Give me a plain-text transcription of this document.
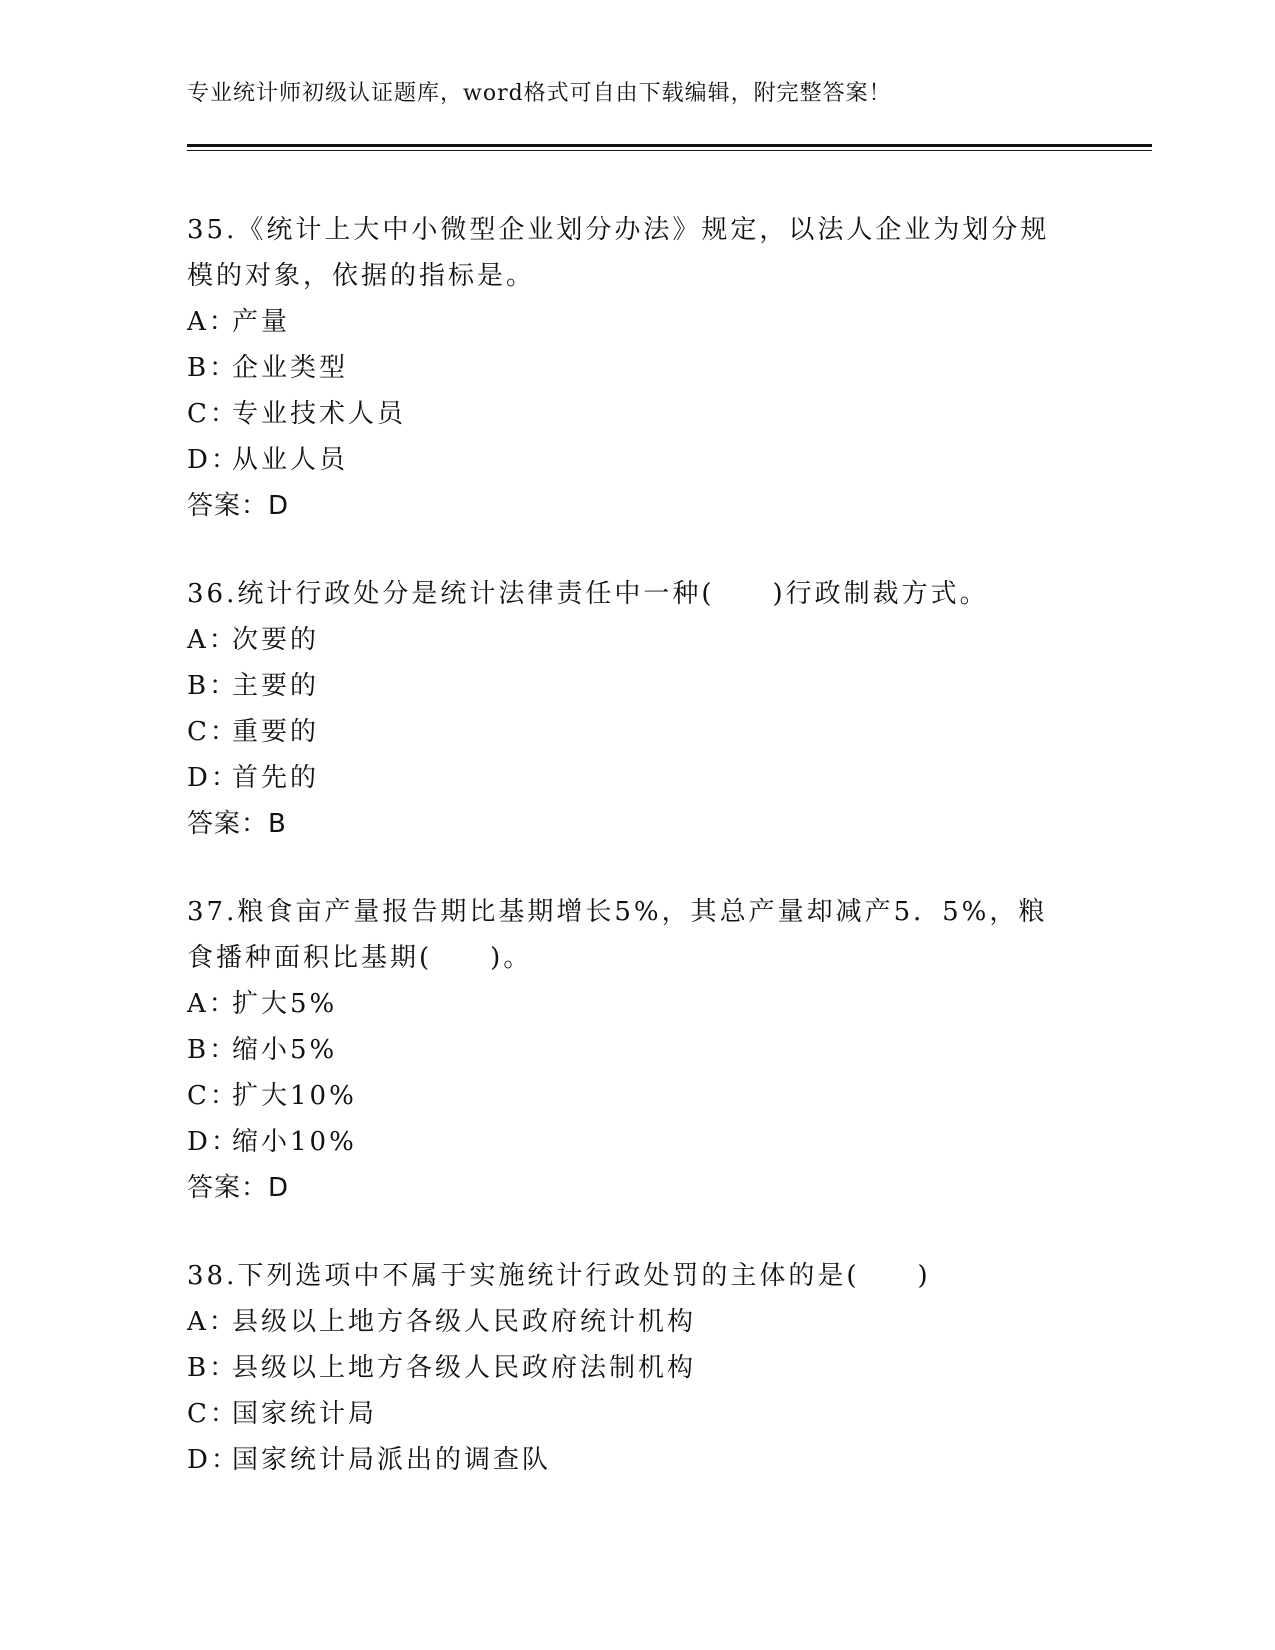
专业统计师初级认证题库，word格式可自由下载编辑，附完整答案！

35.《统计上大中小微型企业划分办法》规定，以法人企业为划分规模的对象，依据的指标是。

A：产量

B：企业类型

C：专业技术人员

D：从业人员

答案：D

36.统计行政处分是统计法律责任中一种(　　)行政制裁方式。

A：次要的

B：主要的

C：重要的

D：首先的

答案：B

37.粮食亩产量报告期比基期增长5%，其总产量却减产5．5%，粮食播种面积比基期(　　)。

A：扩大5%

B：缩小5%

C：扩大10%

D：缩小10%

答案：D

38.下列选项中不属于实施统计行政处罚的主体的是(　　)

A：县级以上地方各级人民政府统计机构

B：县级以上地方各级人民政府法制机构

C：国家统计局

D：国家统计局派出的调查队
